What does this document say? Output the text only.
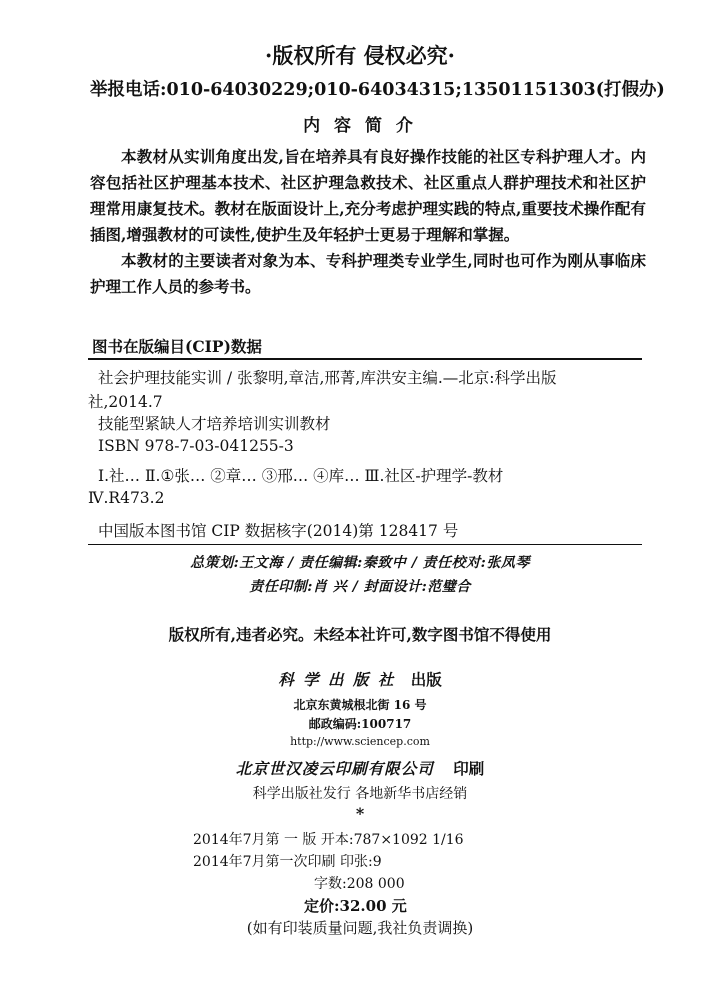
·版权所有 侵权必究·
举报电话:010-64030229;010-64034315;13501151303(打假办)
内 容 简 介

本教材从实训角度出发,旨在培养具有良好操作技能的社区专科护理人才。内容包括社区护理基本技术、社区护理急救技术、社区重点人群护理技术和社区护理常用康复技术。教材在版面设计上,充分考虑护理实践的特点,重要技术操作配有插图,增强教材的可读性,使护生及年轻护士更易于理解和掌握。

本教材的主要读者对象为本、专科护理类专业学生,同时也可作为刚从事临床护理工作人员的参考书。

图书在版编目(CIP)数据
社会护理技能实训 / 张黎明,章洁,邢菁,库洪安主编.—北京:科学出版
社,2014.7
技能型紧缺人才培养培训实训教材
ISBN 978-7-03-041255-3
Ⅰ.社… Ⅱ.①张… ②章… ③邢… ④库… Ⅲ.社区-护理学-教材
Ⅳ.R473.2
中国版本图书馆 CIP 数据核字(2014)第 128417 号
总策划:王文海 / 责任编辑:秦致中 / 责任校对:张凤琴
责任印制:肖 兴 / 封面设计:范璧合
版权所有,违者必究。未经本社许可,数字图书馆不得使用
科 学 出 版 社 出版
北京东黄城根北街 16 号
邮政编码:100717
http://www.sciencep.com
北京世汉凌云印刷有限公司 印刷
科学出版社发行 各地新华书店经销
*
2014年7月第 一 版 开本:787×1092 1/16
2014年7月第一次印刷 印张:9
字数:208 000
定价:32.00 元
(如有印装质量问题,我社负责调换)
